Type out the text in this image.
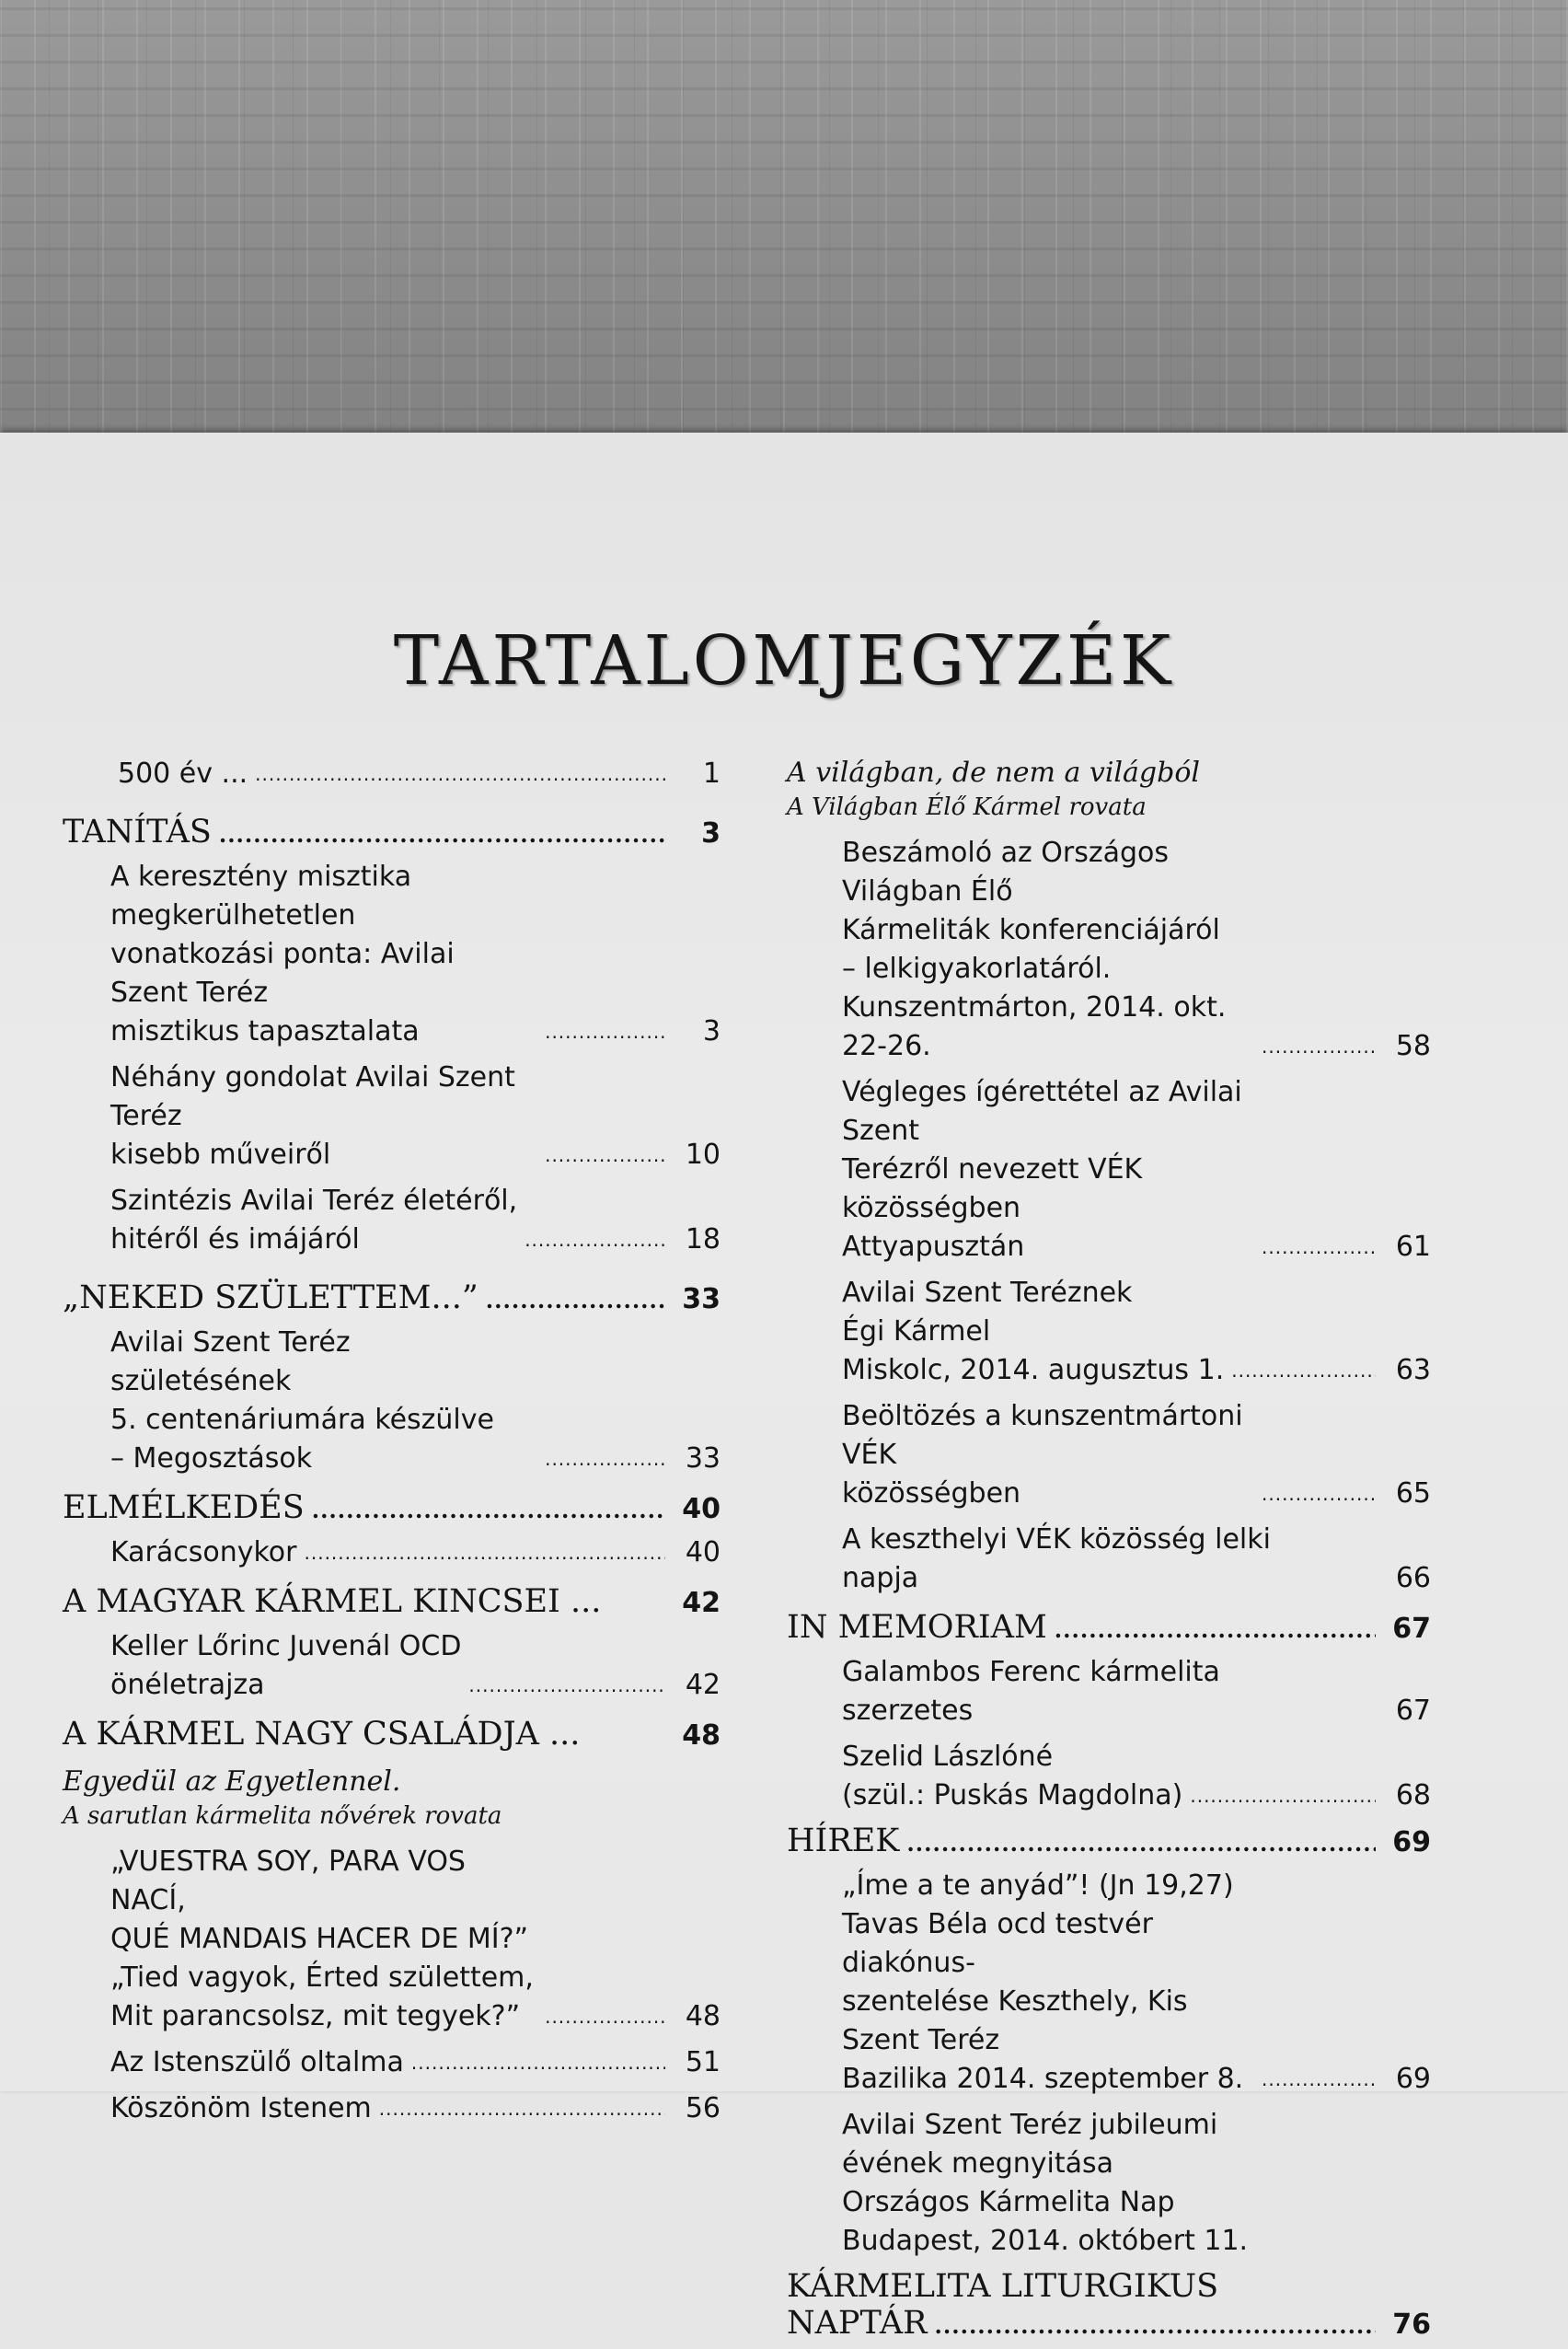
TARTALOMJEGYZÉK
500 év ... .....	1
TANÍTÁS .....	3
A keresztény misztika megkerülhetetlen
vonatkozási ponta: Avilai Szent Teréz
misztikus tapasztalata .....	3
Néhány gondolat Avilai Szent Teréz
kisebb műveiről .....	10
Szintézis Avilai Teréz életéről,
hitéről és imájáról .....	18
„NEKED SZÜLETTEM...” .....	33
Avilai Szent Teréz születésének
5. centenáriumára készülve
– Megosztások .....	33
ELMÉLKEDÉS .....	40
Karácsonykor .....	40
A MAGYAR KÁRMEL KINCSEI ...	42
Keller Lőrinc Juvenál OCD
önéletrajza .....	42
A KÁRMEL NAGY CSALÁDJA ...	48
Egyedül az Egyetlennel.
A sarutlan kármelita nővérek rovata
„VUESTRA SOY, PARA VOS NACÍ,
QUÉ MANDAIS HACER DE MÍ?”
„Tied vagyok, Érted születtem,
Mit parancsolsz, mit tegyek?” .....	48
Az Istenszülő oltalma .....	51
Köszönöm Istenem .....	56
A világban, de nem a világból
A Világban Élő Kármel rovata
Beszámoló az Országos Világban Élő
Kármeliták konferenciájáról
– lelkigyakorlatáról.
Kunszentmárton, 2014. okt. 22-26. .....	58
Végleges ígérettétel az Avilai Szent
Terézről nevezett VÉK közösségben
Attyapusztán .....	61
Avilai Szent Teréznek
Égi Kármel
Miskolc, 2014. augusztus 1. .....	63
Beöltözés a kunszentmártoni VÉK
közösségben .....	65
A keszthelyi VÉK közösség lelki napja	66
IN MEMORIAM .....	67
Galambos Ferenc kármelita szerzetes	67
Szelid Lászlóné
(szül.: Puskás Magdolna) .....	68
HÍREK .....	69
„Íme a te anyád”! (Jn 19,27)
Tavas Béla ocd testvér diakónus-
szentelése Keszthely, Kis Szent Teréz
Bazilika 2014. szeptember 8. .....	69
Avilai Szent Teréz jubileumi
évének megnyitása
Országos Kármelita Nap
Budapest, 2014. októbert 11.
KÁRMELITA LITURGIKUS
NAPTÁR .....	76
